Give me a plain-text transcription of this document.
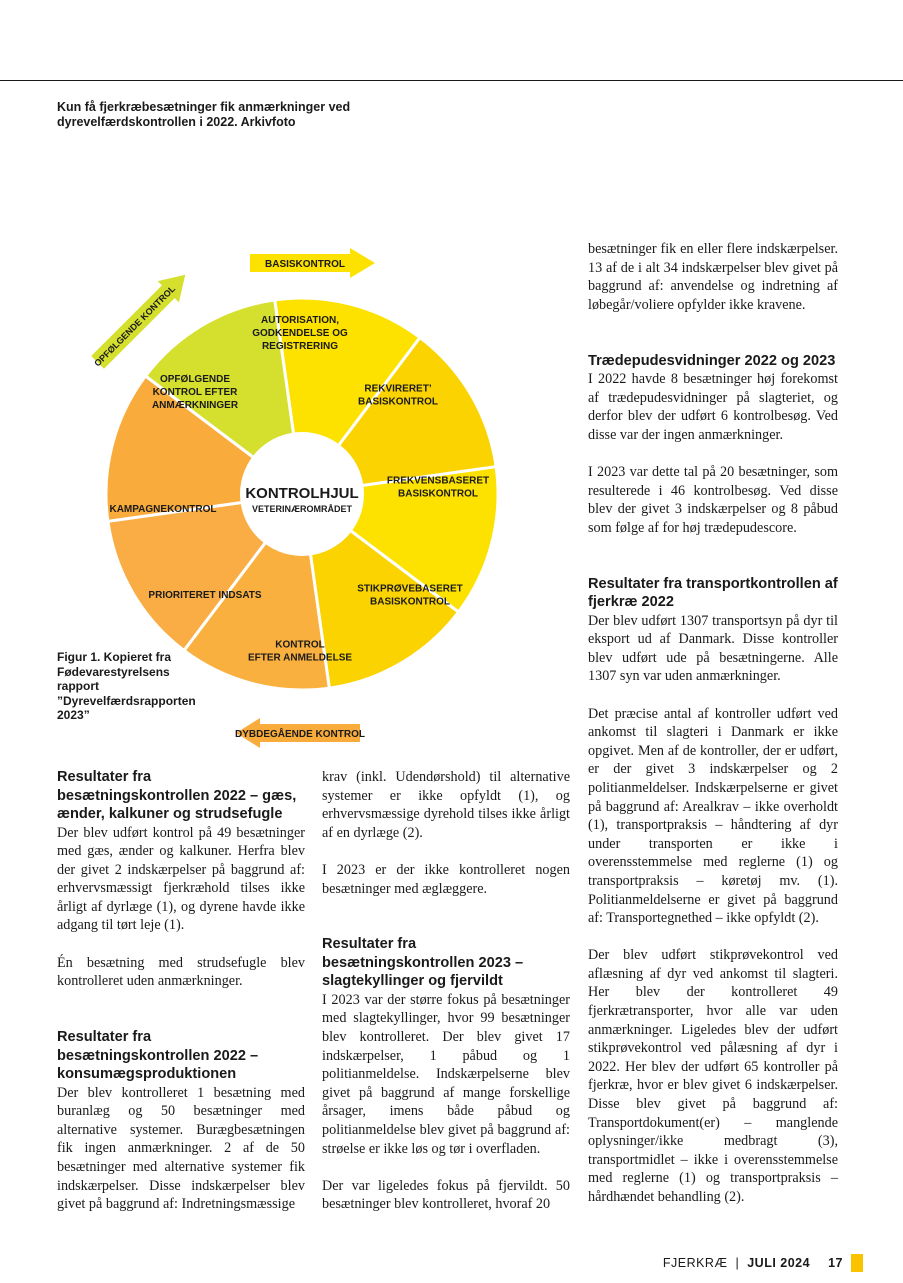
Kun få fjerkræbesætninger fik anmærkninger ved dyrevelfærdskontrollen i 2022. Arkivfoto
BASISKONTROL
OPFØLGENDE KONTROL
DYBDEGÅENDE KONTROL
AUTORISATION, GODKENDELSE OG REGISTRERING
REKVIRERET’ BASISKONTROL
FREKVENSBASERET BASISKONTROL
STIKPRØVEBASERET BASISKONTROL
KONTROL EFTER ANMELDELSE
PRIORITERET INDSATS
KAMPAGNEKONTROL
OPFØLGENDE KONTROL EFTER ANMÆRKNINGER
KONTROLHJUL
VETERINÆROMRÅDET
Figur 1. Kopieret fra Fødevarestyrelsens rapport ”Dyrevelfærdsrapporten 2023”
Resultater fra besætningskontrollen 2022 – gæs, ænder, kalkuner og strudsefugle

Der blev udført kontrol på 49 besætninger med gæs, ænder og kalkuner. Herfra blev der givet 2 indskærpelser på baggrund af: erhvervsmæssigt fjerkræhold tilses ikke årligt af dyrlæge (1), og dyrene havde ikke adgang til tørt leje (1).

Én besætning med strudsefugle blev kontrolleret uden anmærkninger.

Resultater fra besætningskontrollen 2022 – konsumægsproduktionen

Der blev kontrolleret 1 besætning med buranlæg og 50 besætninger med alternative systemer. Burægbesætningen fik ingen anmærkninger. 2 af de 50 besætninger med alternative systemer fik indskærpelser. Disse indskærpelser blev givet på baggrund af: Indretningsmæssige

krav (inkl. Udendørshold) til alternative systemer er ikke opfyldt (1), og erhvervsmæssige dyrehold tilses ikke årligt af en dyrlæge (2).

I 2023 er der ikke kontrolleret nogen besætninger med æglæggere.

Resultater fra besætningskontrollen 2023 – slagtekyllinger og fjervildt

I 2023 var der større fokus på besætninger med slagtekyllinger, hvor 99 besætninger blev kontrolleret. Der blev givet 17 indskærpelser, 1 påbud og 1 politianmeldelse. Indskærpelserne blev givet på baggrund af mange forskellige årsager, imens både påbud og politianmeldelse blev givet på baggrund af: strøelse er ikke løs og tør i overfladen.

Der var ligeledes fokus på fjervildt. 50 besætninger blev kontrolleret, hvoraf 20

besætninger fik en eller flere indskærpelser. 13 af de i alt 34 indskærpelser blev givet på baggrund af: anvendelse og indretning af løbegår/voliere opfylder ikke kravene.

Trædepudesvidninger 2022 og 2023

I 2022 havde 8 besætninger høj forekomst af trædepudesvidninger på slagteriet, og derfor blev der udført 6 kontrolbesøg. Ved disse var der ingen anmærkninger.

I 2023 var dette tal på 20 besætninger, som resulterede i 46 kontrolbesøg. Ved disse blev der givet 3 indskærpelser og 8 påbud som følge af for høj trædepudescore.

Resultater fra transportkontrollen af fjerkræ 2022

Der blev udført 1307 transportsyn på dyr til eksport ud af Danmark. Disse kontroller blev udført ude på besætningerne. Alle 1307 syn var uden anmærkninger.

Det præcise antal af kontroller udført ved ankomst til slagteri i Danmark er ikke opgivet. Men af de kontroller, der er udført, er der givet 3 indskærpelser og 2 politianmeldelser. Indskærpelserne er givet på baggrund af: Arealkrav – ikke overholdt (1), transportpraksis – håndtering af dyr under transporten er ikke i overensstemmelse med reglerne (1) og transportpraksis – køretøj mv. (1). Politianmeldelserne er givet på baggrund af: Transportegnethed – ikke opfyldt (2).

Der blev udført stikprøvekontrol ved aflæsning af dyr ved ankomst til slagteri. Her blev der kontrolleret 49 fjerkrætransporter, hvor alle var uden anmærkninger. Ligeledes blev der udført stikprøvekontrol ved pålæsning af dyr i 2022. Her blev der udført 65 kontroller på fjerkræ, hvor er blev givet 6 indskærpelser. Disse blev givet på baggrund af: Transportdokument(er) – manglende oplysninger/ikke medbragt (3), transportmidlet – ikke i overensstemmelse med reglerne (1) og transportpraksis – hårdhændet behandling (2).

FJERKRÆ | JULI 2024 17
